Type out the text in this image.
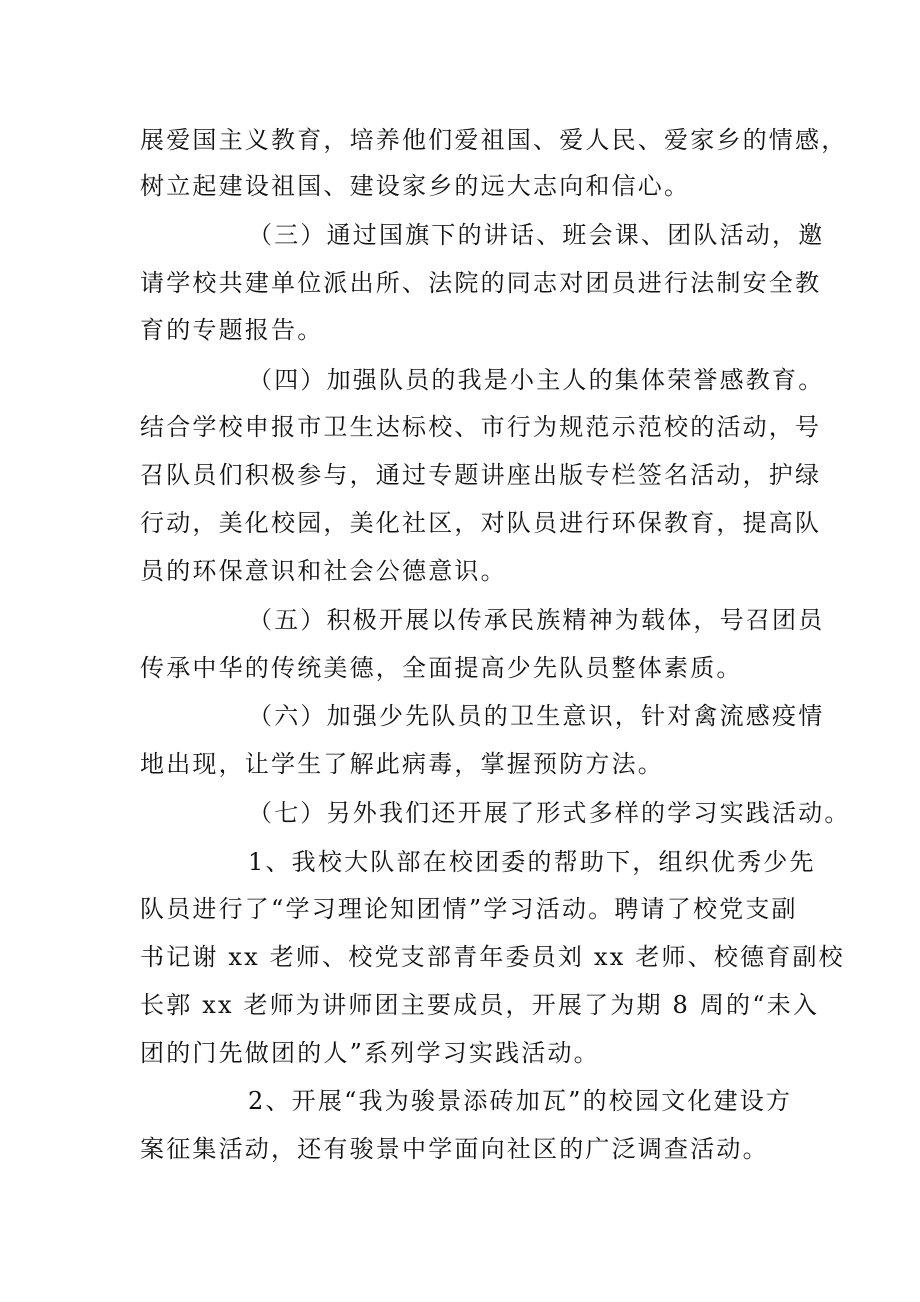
展爱国主义教育，培养他们爱祖国、爱人民、爱家乡的情感，
树立起建设祖国、建设家乡的远大志向和信心。
（三）通过国旗下的讲话、班会课、团队活动，邀
请学校共建单位派出所、法院的同志对团员进行法制安全教
育的专题报告。
（四）加强队员的我是小主人的集体荣誉感教育。
结合学校申报市卫生达标校、市行为规范示范校的活动，号
召队员们积极参与，通过专题讲座出版专栏签名活动，护绿
行动，美化校园，美化社区，对队员进行环保教育，提高队
员的环保意识和社会公德意识。
（五）积极开展以传承民族精神为载体，号召团员
传承中华的传统美德，全面提高少先队员整体素质。
（六）加强少先队员的卫生意识，针对禽流感疫情
地出现，让学生了解此病毒，掌握预防方法。
（七）另外我们还开展了形式多样的学习实践活动。
1、我校大队部在校团委的帮助下，组织优秀少先
队员进行了“学习理论知团情”学习活动。聘请了校党支副
书记谢 xx 老师、校党支部青年委员刘 xx 老师、校德育副校
长郭 xx 老师为讲师团主要成员，开展了为期 8 周的“未入
团的门先做团的人”系列学习实践活动。
2、开展“我为骏景添砖加瓦”的校园文化建设方
案征集活动，还有骏景中学面向社区的广泛调查活动。
